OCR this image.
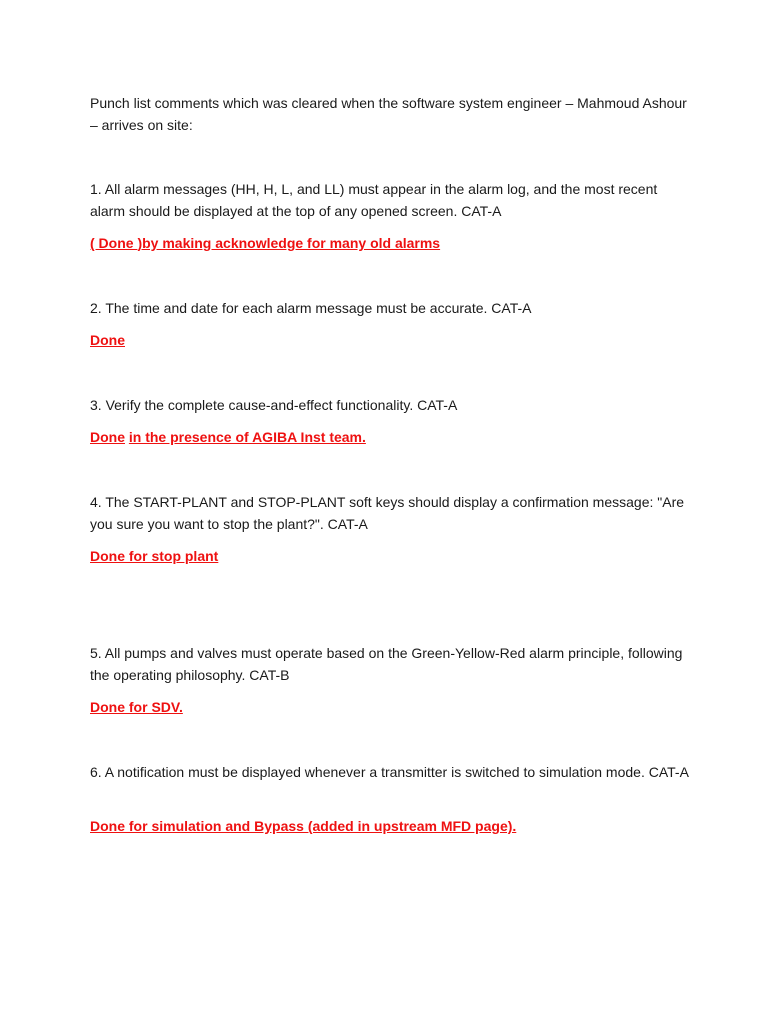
Punch list comments which was cleared when the software system engineer – Mahmoud Ashour – arrives on site:

1. All alarm messages (HH, H, L, and LL) must appear in the alarm log, and the most recent alarm should be displayed at the top of any opened screen. CAT-A

( Done )by making acknowledge for many old alarms

2. The time and date for each alarm message must be accurate. CAT-A

Done

3. Verify the complete cause-and-effect functionality. CAT-A

Done in the presence of AGIBA Inst team.

4. The START-PLANT and STOP-PLANT soft keys should display a confirmation message: "Are you sure you want to stop the plant?". CAT-A

Done for stop plant

5. All pumps and valves must operate based on the Green-Yellow-Red alarm principle, following the operating philosophy. CAT-B

Done for SDV.

6. A notification must be displayed whenever a transmitter is switched to simulation mode. CAT-A

Done for simulation and Bypass (added in upstream MFD page).
